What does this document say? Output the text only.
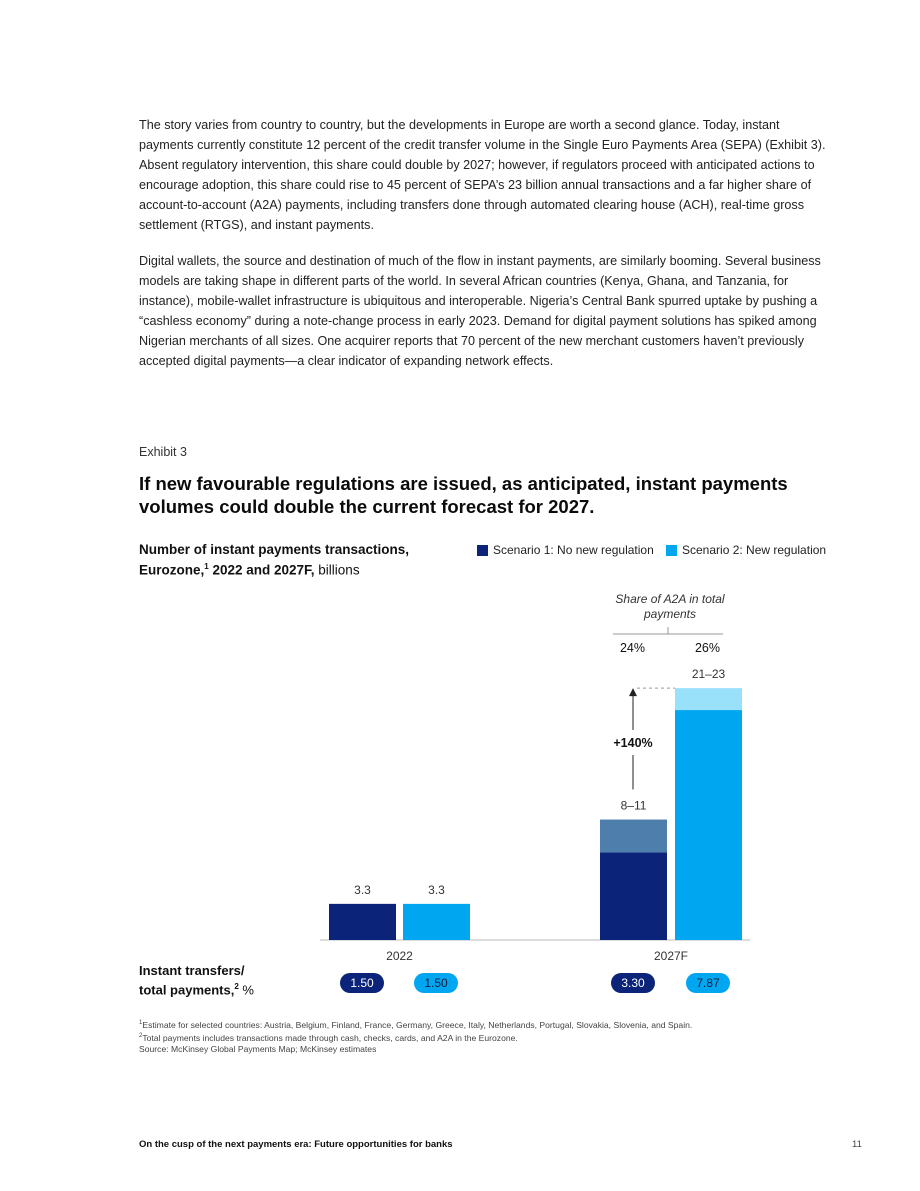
The story varies from country to country, but the developments in Europe are worth a second glance. Today, instant payments currently constitute 12 percent of the credit transfer volume in the Single Euro Payments Area (SEPA) (Exhibit 3). Absent regulatory intervention, this share could double by 2027; however, if regulators proceed with anticipated actions to encourage adoption, this share could rise to 45 percent of SEPA’s 23 billion annual transactions and a far higher share of account-to-account (A2A) payments, including transfers done through automated clearing house (ACH), real-time gross settlement (RTGS), and instant payments.

Digital wallets, the source and destination of much of the flow in instant payments, are similarly booming. Several business models are taking shape in different parts of the world. In several African countries (Kenya, Ghana, and Tanzania, for instance), mobile-wallet infrastructure is ubiquitous and interoperable. Nigeria’s Central Bank spurred uptake by pushing a “cashless economy” during a note-change process in early 2023. Demand for digital payment solutions has spiked among Nigerian merchants of all sizes. One acquirer reports that 70 percent of the new merchant customers haven’t previously accepted digital payments—a clear indicator of expanding network effects.

Exhibit 3
If new favourable regulations are issued, as anticipated, instant payments volumes could double the current forecast for 2027.
Number of instant payments transactions,
Eurozone,$^1$ 2022 and 2027F, billions
Scenario 1: No new regulation Scenario 2: New regulation
Share of A2A in total payments
3.3
8–11
3.3
21–23
2022	2027F
+140%
24%	26%
Instant transfers/
total payments,$^2$ %	1.50	1.50	3.30	7.87
$^1$Estimate for selected countries: Austria, Belgium, Finland, France, Germany, Greece, Italy, Netherlands, Portugal, Slovakia, Slovenia, and Spain.
$^2$Total payments includes transactions made through cash, checks, cards, and A2A in the Eurozone.
Source: McKinsey Global Payments Map; McKinsey estimates
On the cusp of the next payments era: Future opportunities for banks	11
